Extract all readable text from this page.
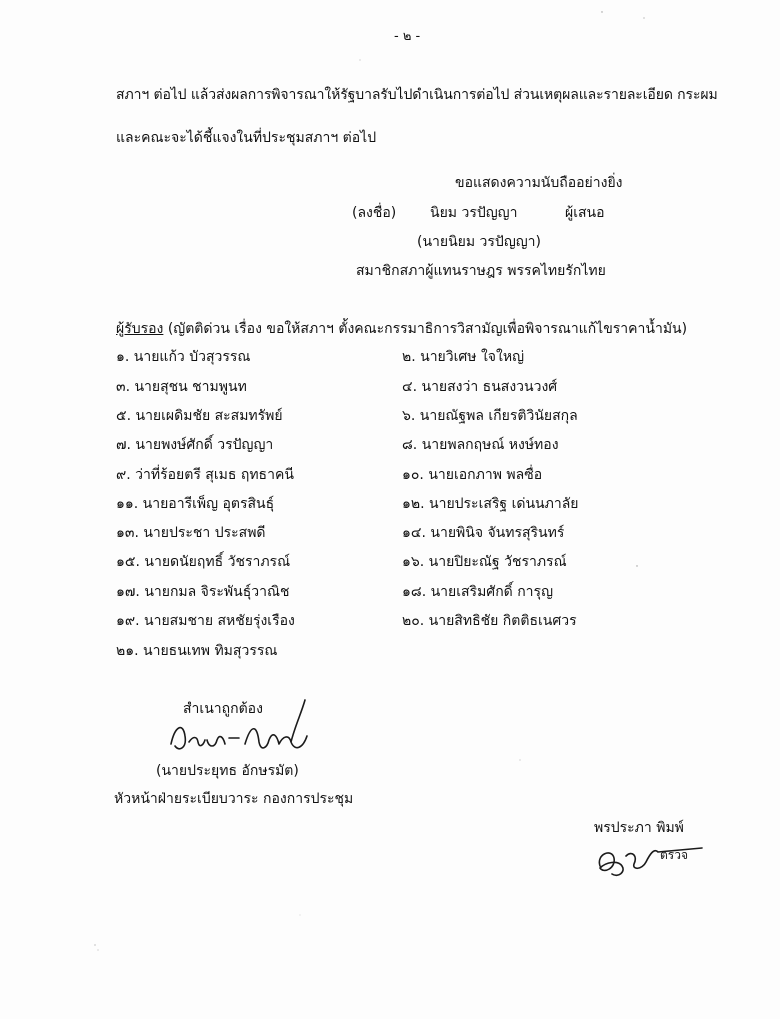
- ๒ -
สภาฯ ต่อไป แล้วส่งผลการพิจารณาให้รัฐบาลรับไปดำเนินการต่อไป ส่วนเหตุผลและรายละเอียด กระผม
และคณะจะได้ชี้แจงในที่ประชุมสภาฯ ต่อไป
ขอแสดงความนับถืออย่างยิ่ง
(ลงชื่อ) นิยม วรปัญญา	ผู้เสนอ
(นายนิยม วรปัญญา)
สมาชิกสภาผู้แทนราษฎร พรรคไทยรักไทย
ผู้รับรอง (ญัตติด่วน เรื่อง ขอให้สภาฯ ตั้งคณะกรรมาธิการวิสามัญเพื่อพิจารณาแก้ไขราคาน้ำมัน)
๑. นายแก้ว บัวสุวรรณ
๓. นายสุชน ชามพูนท
๕. นายเผดิมชัย สะสมทรัพย์
๗. นายพงษ์ศักดิ์ วรปัญญา
๙. ว่าที่ร้อยตรี สุเมธ ฤทธาคนี
๑๑. นายอารีเพ็ญ อุตรสินธุ์
๑๓. นายประชา ประสพดี
๑๕. นายดนัยฤทธิ์ วัชราภรณ์
๑๗. นายกมล จิระพันธุ์วาณิช
๑๙. นายสมชาย สหชัยรุ่งเรือง
๒๑. นายธนเทพ ทิมสุวรรณ
๒. นายวิเศษ ใจใหญ่
๔. นายสงว่า ธนสงวนวงศ์
๖. นายณัฐพล เกียรติวินัยสกุล
๘. นายพลกฤษณ์ หงษ์ทอง
๑๐. นายเอกภาพ พลซื่อ
๑๒. นายประเสริฐ เด่นนภาลัย
๑๔. นายพินิจ จันทรสุรินทร์
๑๖. นายปิยะณัฐ วัชราภรณ์
๑๘. นายเสริมศักดิ์ การุญ
๒๐. นายสิทธิชัย กิตติธเนศวร
สำเนาถูกต้อง
(นายประยุทธ อักษรมัต)
หัวหน้าฝ่ายระเบียบวาระ กองการประชุม
พรประภา พิมพ์
ตรวจ
